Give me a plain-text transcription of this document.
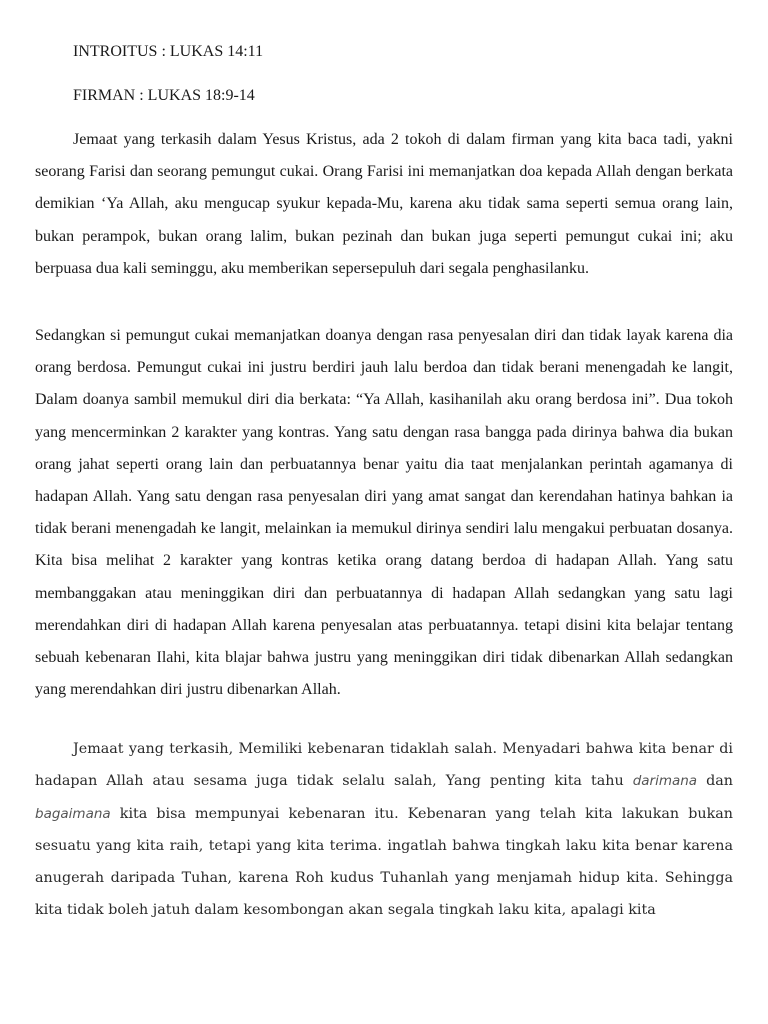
INTROITUS : LUKAS 14:11

FIRMAN : LUKAS 18:9-14

Jemaat yang terkasih dalam Yesus Kristus, ada 2 tokoh di dalam firman yang kita baca tadi, yakni seorang Farisi dan seorang pemungut cukai. Orang Farisi ini memanjatkan doa kepada Allah dengan berkata demikian ‘Ya Allah, aku mengucap syukur kepada-Mu, karena aku tidak sama seperti semua orang lain, bukan perampok, bukan orang lalim, bukan pezinah dan bukan juga seperti pemungut cukai ini; aku berpuasa dua kali seminggu, aku memberikan sepersepuluh dari segala penghasilanku.

Sedangkan si pemungut cukai memanjatkan doanya dengan rasa penyesalan diri dan tidak layak karena dia orang berdosa. Pemungut cukai ini justru berdiri jauh lalu berdoa dan tidak berani menengadah ke langit, Dalam doanya sambil memukul diri dia berkata: “Ya Allah, kasihanilah aku orang berdosa ini”. Dua tokoh yang mencerminkan 2 karakter yang kontras. Yang satu dengan rasa bangga pada dirinya bahwa dia bukan orang jahat seperti orang lain dan perbuatannya benar yaitu dia taat menjalankan perintah agamanya di hadapan Allah. Yang satu dengan rasa penyesalan diri yang amat sangat dan kerendahan hatinya bahkan ia tidak berani menengadah ke langit, melainkan ia memukul dirinya sendiri lalu mengakui perbuatan dosanya. Kita bisa melihat 2 karakter yang kontras ketika orang datang berdoa di hadapan Allah. Yang satu membanggakan atau meninggikan diri dan perbuatannya di hadapan Allah sedangkan yang satu lagi merendahkan diri di hadapan Allah karena penyesalan atas perbuatannya. tetapi disini kita belajar tentang sebuah kebenaran Ilahi, kita blajar bahwa justru yang meninggikan diri tidak dibenarkan Allah sedangkan yang merendahkan diri justru dibenarkan Allah.

Jemaat yang terkasih, Memiliki kebenaran tidaklah salah. Menyadari bahwa kita benar di hadapan Allah atau sesama juga tidak selalu salah, Yang penting kita tahu darimana dan bagaimana kita bisa mempunyai kebenaran itu. Kebenaran yang telah kita lakukan bukan sesuatu yang kita raih, tetapi yang kita terima. ingatlah bahwa tingkah laku kita benar karena anugerah daripada Tuhan, karena Roh kudus Tuhanlah yang menjamah hidup kita. Sehingga kita tidak boleh jatuh dalam kesombongan akan segala tingkah laku kita, apalagi kita
